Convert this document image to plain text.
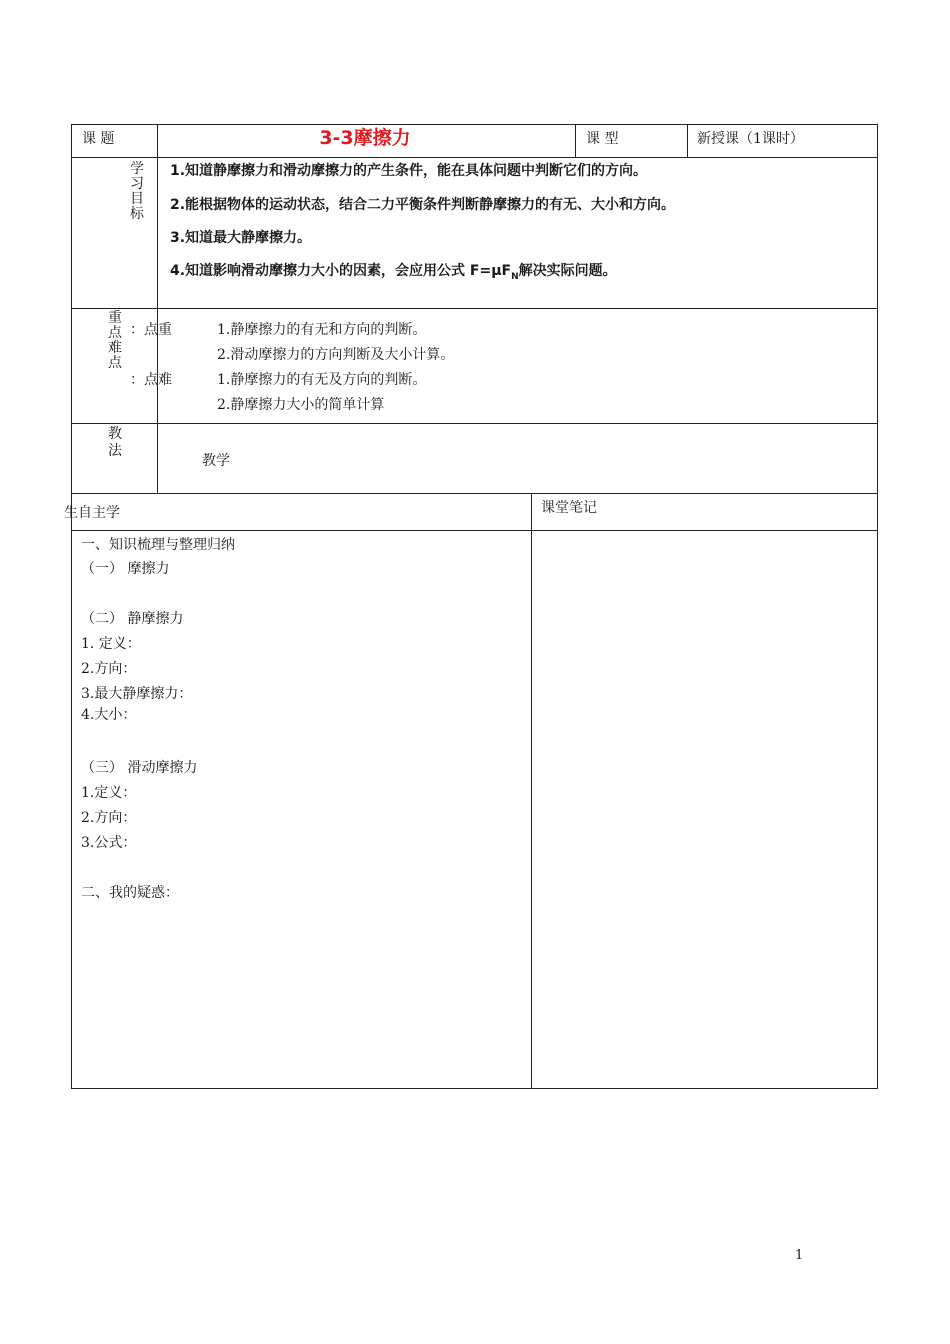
课 题	3-3摩擦力	课 型	新授课（1课时）
学习目标
1.知道静摩擦力和滑动摩擦力的产生条件，能在具体问题中判断它们的方向。
2.能根据物体的运动状态，结合二力平衡条件判断静摩擦力的有无、大小和方向。
3.知道最大静摩擦力。
4.知道影响滑动摩擦力大小的因素，会应用公式 $F=\mu F_N$解决实际问题。
重点难点
：点重	1.静摩擦力的有无和方向的判断。
2.滑动摩擦力的方向判断及大小计算。
：点难	1.静摩擦力的有无及方向的判断。
2.静摩擦力大小的简单计算
教法
教学
生自主学	课堂笔记
一、知识梳理与整理归纳
（一） 摩擦力
（二） 静摩擦力
1. 定义：
2.方向：
3.最大静摩擦力：
4.大小：
（三） 滑动摩擦力
1.定义：
2.方向：
3.公式：
二、我的疑惑：
1
